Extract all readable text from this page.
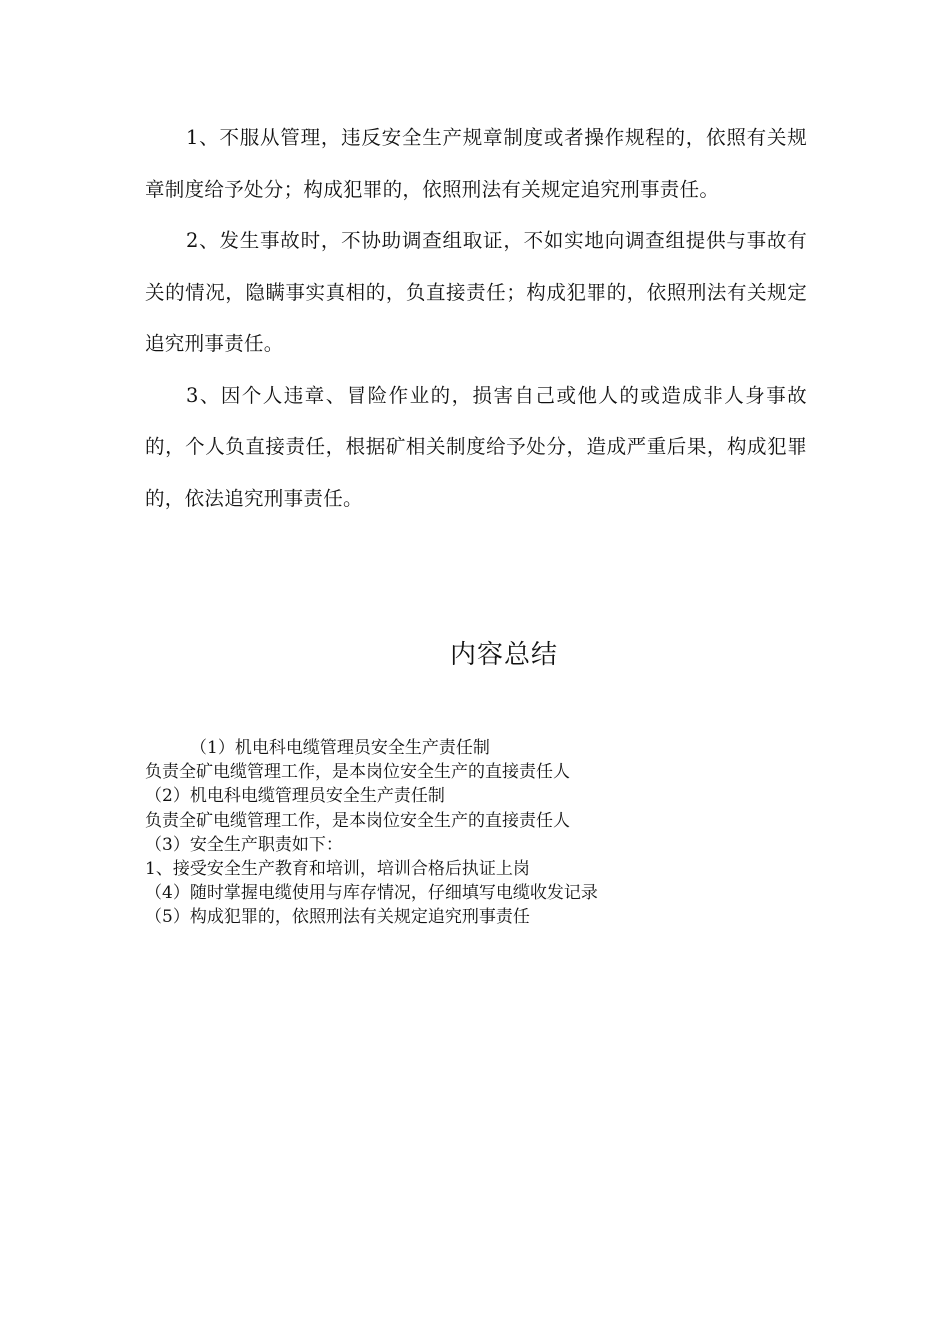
1、不服从管理，违反安全生产规章制度或者操作规程的，依照有关规章制度给予处分；构成犯罪的，依照刑法有关规定追究刑事责任。

2、发生事故时，不协助调查组取证，不如实地向调查组提供与事故有关的情况，隐瞒事实真相的，负直接责任；构成犯罪的，依照刑法有关规定追究刑事责任。

3、因个人违章、冒险作业的，损害自己或他人的或造成非人身事故的，个人负直接责任，根据矿相关制度给予处分，造成严重后果，构成犯罪的，依法追究刑事责任。

内容总结

（1）机电科电缆管理员安全生产责任制

负责全矿电缆管理工作，是本岗位安全生产的直接责任人

（2）机电科电缆管理员安全生产责任制

负责全矿电缆管理工作，是本岗位安全生产的直接责任人

（3）安全生产职责如下：

1、接受安全生产教育和培训，培训合格后执证上岗

（4）随时掌握电缆使用与库存情况，仔细填写电缆收发记录

（5）构成犯罪的，依照刑法有关规定追究刑事责任
